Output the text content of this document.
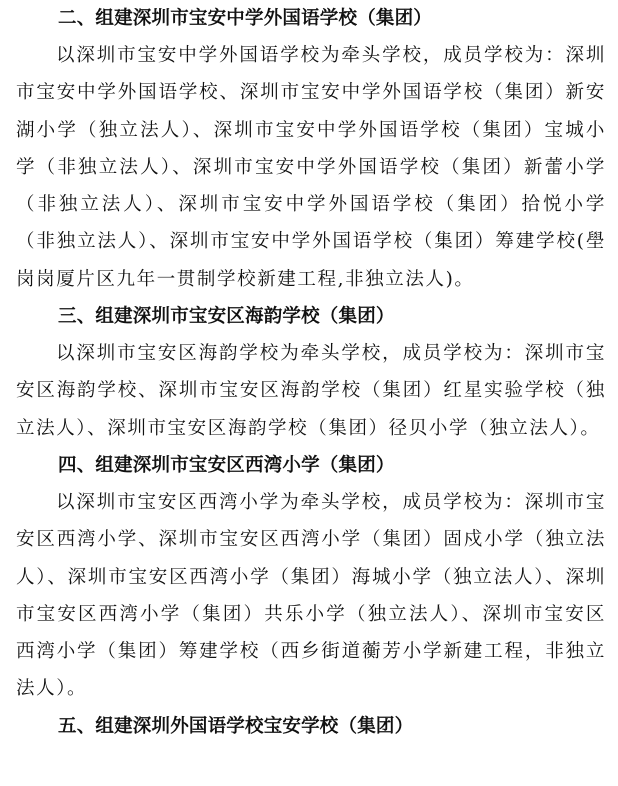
二、组建深圳市宝安中学外国语学校（集团）

以深圳市宝安中学外国语学校为牵头学校，成员学校为：深圳市宝安中学外国语学校、深圳市宝安中学外国语学校（集团）新安湖小学（独立法人）、深圳市宝安中学外国语学校（集团）宝城小学（非独立法人）、深圳市宝安中学外国语学校（集团）新蕾小学（非独立法人）、深圳市宝安中学外国语学校（集团）拾悦小学（非独立法人）、深圳市宝安中学外国语学校（集团）筹建学校(壆岗岗厦片区九年一贯制学校新建工程,非独立法人)。

三、组建深圳市宝安区海韵学校（集团）

以深圳市宝安区海韵学校为牵头学校，成员学校为：深圳市宝安区海韵学校、深圳市宝安区海韵学校（集团）红星实验学校（独立法人）、深圳市宝安区海韵学校（集团）径贝小学（独立法人）。

四、组建深圳市宝安区西湾小学（集团）

以深圳市宝安区西湾小学为牵头学校，成员学校为：深圳市宝安区西湾小学、深圳市宝安区西湾小学（集团）固戍小学（独立法人）、深圳市宝安区西湾小学（集团）海城小学（独立法人）、深圳市宝安区西湾小学（集团）共乐小学（独立法人）、深圳市宝安区西湾小学（集团）筹建学校（西乡街道蘅芳小学新建工程，非独立法人）。

五、组建深圳外国语学校宝安学校（集团）
